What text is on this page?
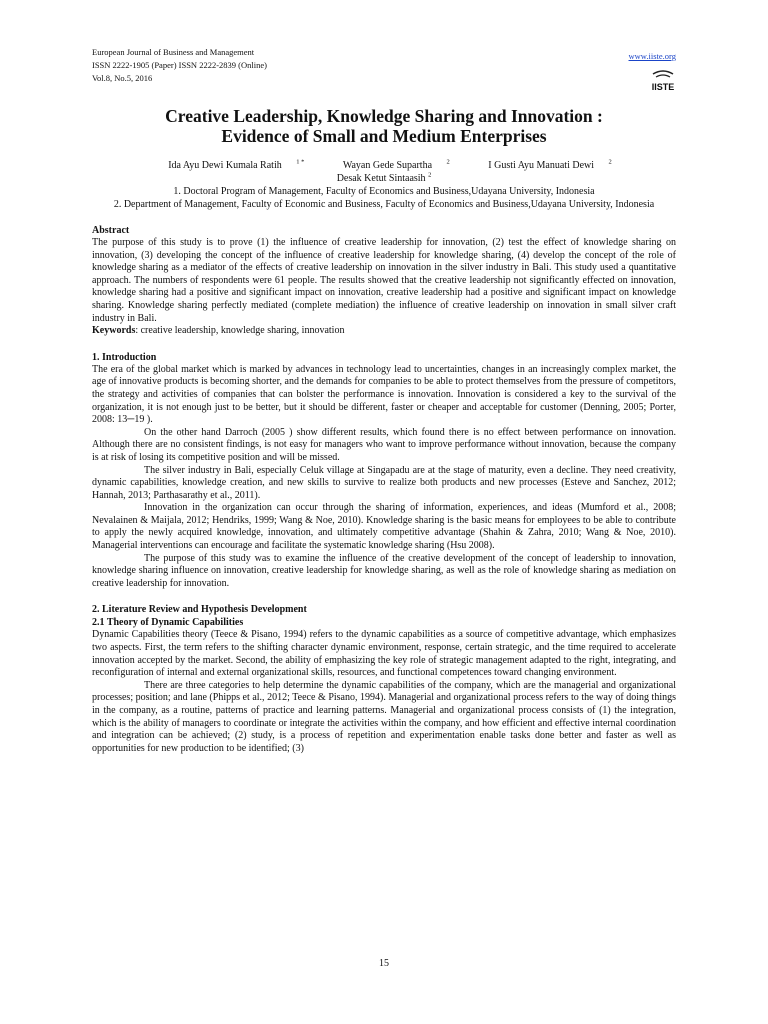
European Journal of Business and Management
ISSN 2222-1905 (Paper) ISSN 2222-2839 (Online)
Vol.8, No.5, 2016
www.iiste.org
IISTE
Creative Leadership, Knowledge Sharing and Innovation :
Evidence of Small and Medium Enterprises
Ida Ayu Dewi Kumala Ratih $^{1 *}$	Wayan Gede Supartha $^2$	I Gusti Ayu Manuati Dewi $^2$
Desak Ketut Sintaasih $^2$
1. Doctoral Program of Management, Faculty of Economics and Business,Udayana University, Indonesia
2. Department of Management, Faculty of Economic and Business, Faculty of Economics and Business,Udayana University, Indonesia
Abstract

The purpose of this study is to prove (1) the influence of creative leadership for innovation, (2) test the effect of knowledge sharing on innovation, (3) developing the concept of the influence of creative leadership for knowledge sharing, (4) develop the concept of the role of knowledge sharing as a mediator of the effects of creative leadership on innovation in the silver industry in Bali. This study used a quantitative approach. The numbers of respondents were 61 people. The results showed that the creative leadership not significantly effected on innovation, knowledge sharing had a positive and significant impact on innovation, creative leadership had a positive and significant impact on knowledge sharing. Knowledge sharing perfectly mediated (complete mediation) the influence of creative leadership on innovation in small silver craft industry in Bali.

Keywords: creative leadership, knowledge sharing, innovation

1. Introduction

The era of the global market which is marked by advances in technology lead to uncertainties, changes in an increasingly complex market, the age of innovative products is becoming shorter, and the demands for companies to be able to protect themselves from the pressure of competitors, the strategy and activities of companies that can bolster the performance is innovation. Innovation is considered a key to the survival of the organization, it is not enough just to be better, but it should be different, faster or cheaper and acceptable for customer (Denning, 2005; Porter, 2008: 13─19 ).

On the other hand Darroch (2005 ) show different results, which found there is no effect between performance on innovation. Although there are no consistent findings, is not easy for managers who want to improve performance without innovation, because the company is at risk of losing its competitive position and will be missed.

The silver industry in Bali, especially Celuk village at Singapadu are at the stage of maturity, even a decline. They need creativity, dynamic capabilities, knowledge creation, and new skills to survive to realize both products and new processes (Esteve and Sanchez, 2012; Hannah, 2013; Parthasarathy et al., 2011).

Innovation in the organization can occur through the sharing of information, experiences, and ideas (Mumford et al., 2008; Nevalainen & Maijala, 2012; Hendriks, 1999; Wang & Noe, 2010). Knowledge sharing is the basic means for employees to be able to contribute to apply the newly acquired knowledge, innovation, and ultimately competitive advantage (Shahin & Zahra, 2010; Wang & Noe, 2010). Managerial interventions can encourage and facilitate the systematic knowledge sharing (Hsu 2008).

The purpose of this study was to examine the influence of the creative development of the concept of leadership to innovation, knowledge sharing influence on innovation, creative leadership for knowledge sharing, as well as the role of knowledge sharing as mediation on creative leadership for innovation.

2. Literature Review and Hypothesis Development
2.1 Theory of Dynamic Capabilities

Dynamic Capabilities theory (Teece & Pisano, 1994) refers to the dynamic capabilities as a source of competitive advantage, which emphasizes two aspects. First, the term refers to the shifting character dynamic environment, response, certain strategic, and the time required to accelerate innovation accepted by the market. Second, the ability of emphasizing the key role of strategic management adapted to the right, integrating, and reconfiguration of internal and external organizational skills, resources, and functional competences toward changing environment.

There are three categories to help determine the dynamic capabilities of the company, which are the managerial and organizational processes; position; and lane (Phipps et al., 2012; Teece & Pisano, 1994). Managerial and organizational process refers to the way of doing things in the company, as a routine, patterns of practice and learning patterns. Managerial and organizational process consists of (1) the integration, which is the ability of managers to coordinate or integrate the activities within the company, and how efficient and effective internal coordination and integration can be achieved; (2) study, is a process of repetition and experimentation enable tasks done better and faster as well as opportunities for new production to be identified; (3)

15
